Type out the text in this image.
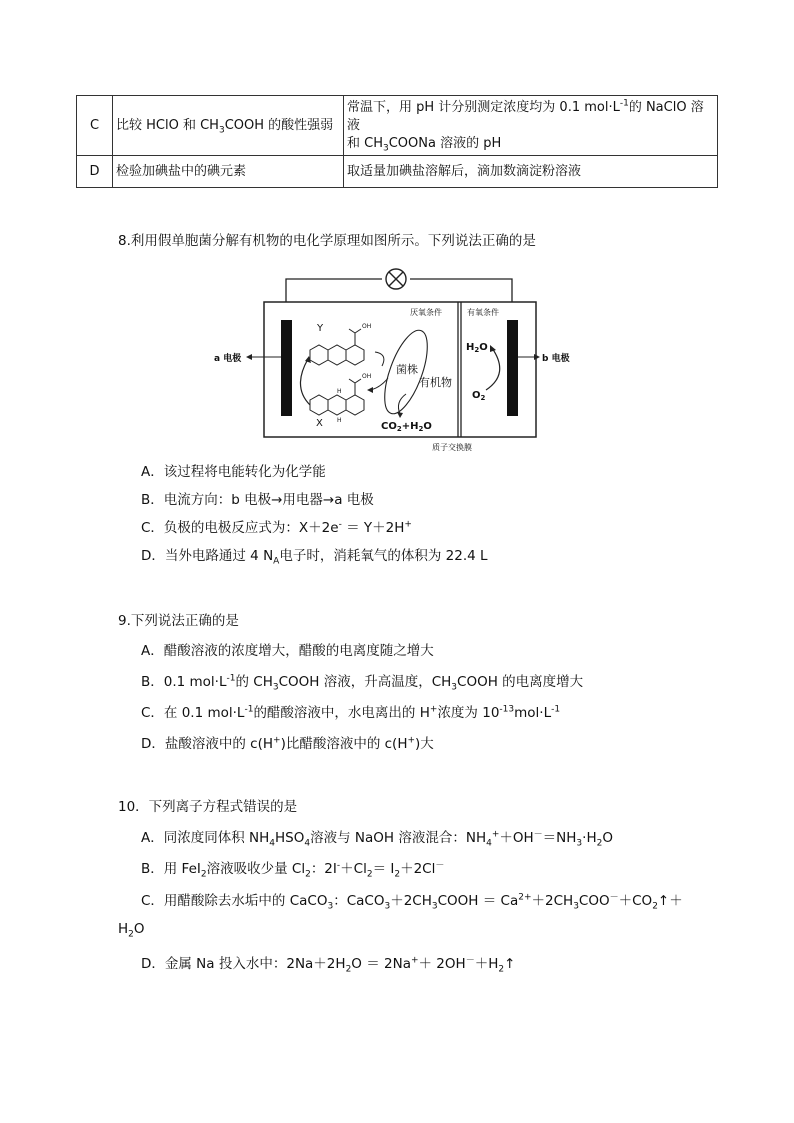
C	比较 HClO 和 $CH_3COOH$ 的酸性强弱	常温下，用 pH 计分别测定浓度均为 0.1 $mol\cdot L^{-1}$的 NaClO 溶液
和 $CH_3COONa$ 溶液的 pH
D	检验加碘盐中的碘元素	取适量加碘盐溶解后，滴加数滴淀粉溶液
8.利用假单胞菌分解有机物的电化学原理如图所示。下列说法正确的是
a 电极	b 电极
厌氧条件	有氧条件
质子交换膜
Y	OH
H
H
OH
X
菌株
有机物
$CO_2+H_2O$
$H_2O$
$O_2$
A．该过程将电能转化为化学能
B．电流方向：b 电极→用电器→a 电极
C．负极的电极反应式为：X＋2e- ＝ Y＋2H+
D．当外电路通过 4 $N_A$电子时，消耗氧气的体积为 22.4 L
9.下列说法正确的是
A．醋酸溶液的浓度增大，醋酸的电离度随之增大
B．0.1 $mol\cdot L^{-1}$的 $CH_3COOH$ 溶液，升高温度，$CH_3COOH$ 的电离度增大
C．在 0.1 $mol\cdot L^{-1}$的醋酸溶液中，水电离出的 H+浓度为 $10^{-13}mol\cdot L^{-1}$
D．盐酸溶液中的 c(H+)比醋酸溶液中的 c(H+)大
10．下列离子方程式错误的是
A．同浓度同体积 $NH_4HSO_4$溶液与 NaOH 溶液混合：$NH_4^++OH^-=NH_3\cdot H_2O$
B．用 FeI$_2$溶液吸收少量 $Cl_2$：$2I^-+Cl_2= I_2+2Cl^-$
C．用醋酸除去水垢中的 CaCO$_3$：$CaCO_3+2CH_3COOH$ ＝ $Ca^{2+}+2CH_3COO^-+CO_2↑+$
$H_2O$
D．金属 Na 投入水中：$2Na+2H_2O = 2Na^++$ $2OH^-+H_2↑$
